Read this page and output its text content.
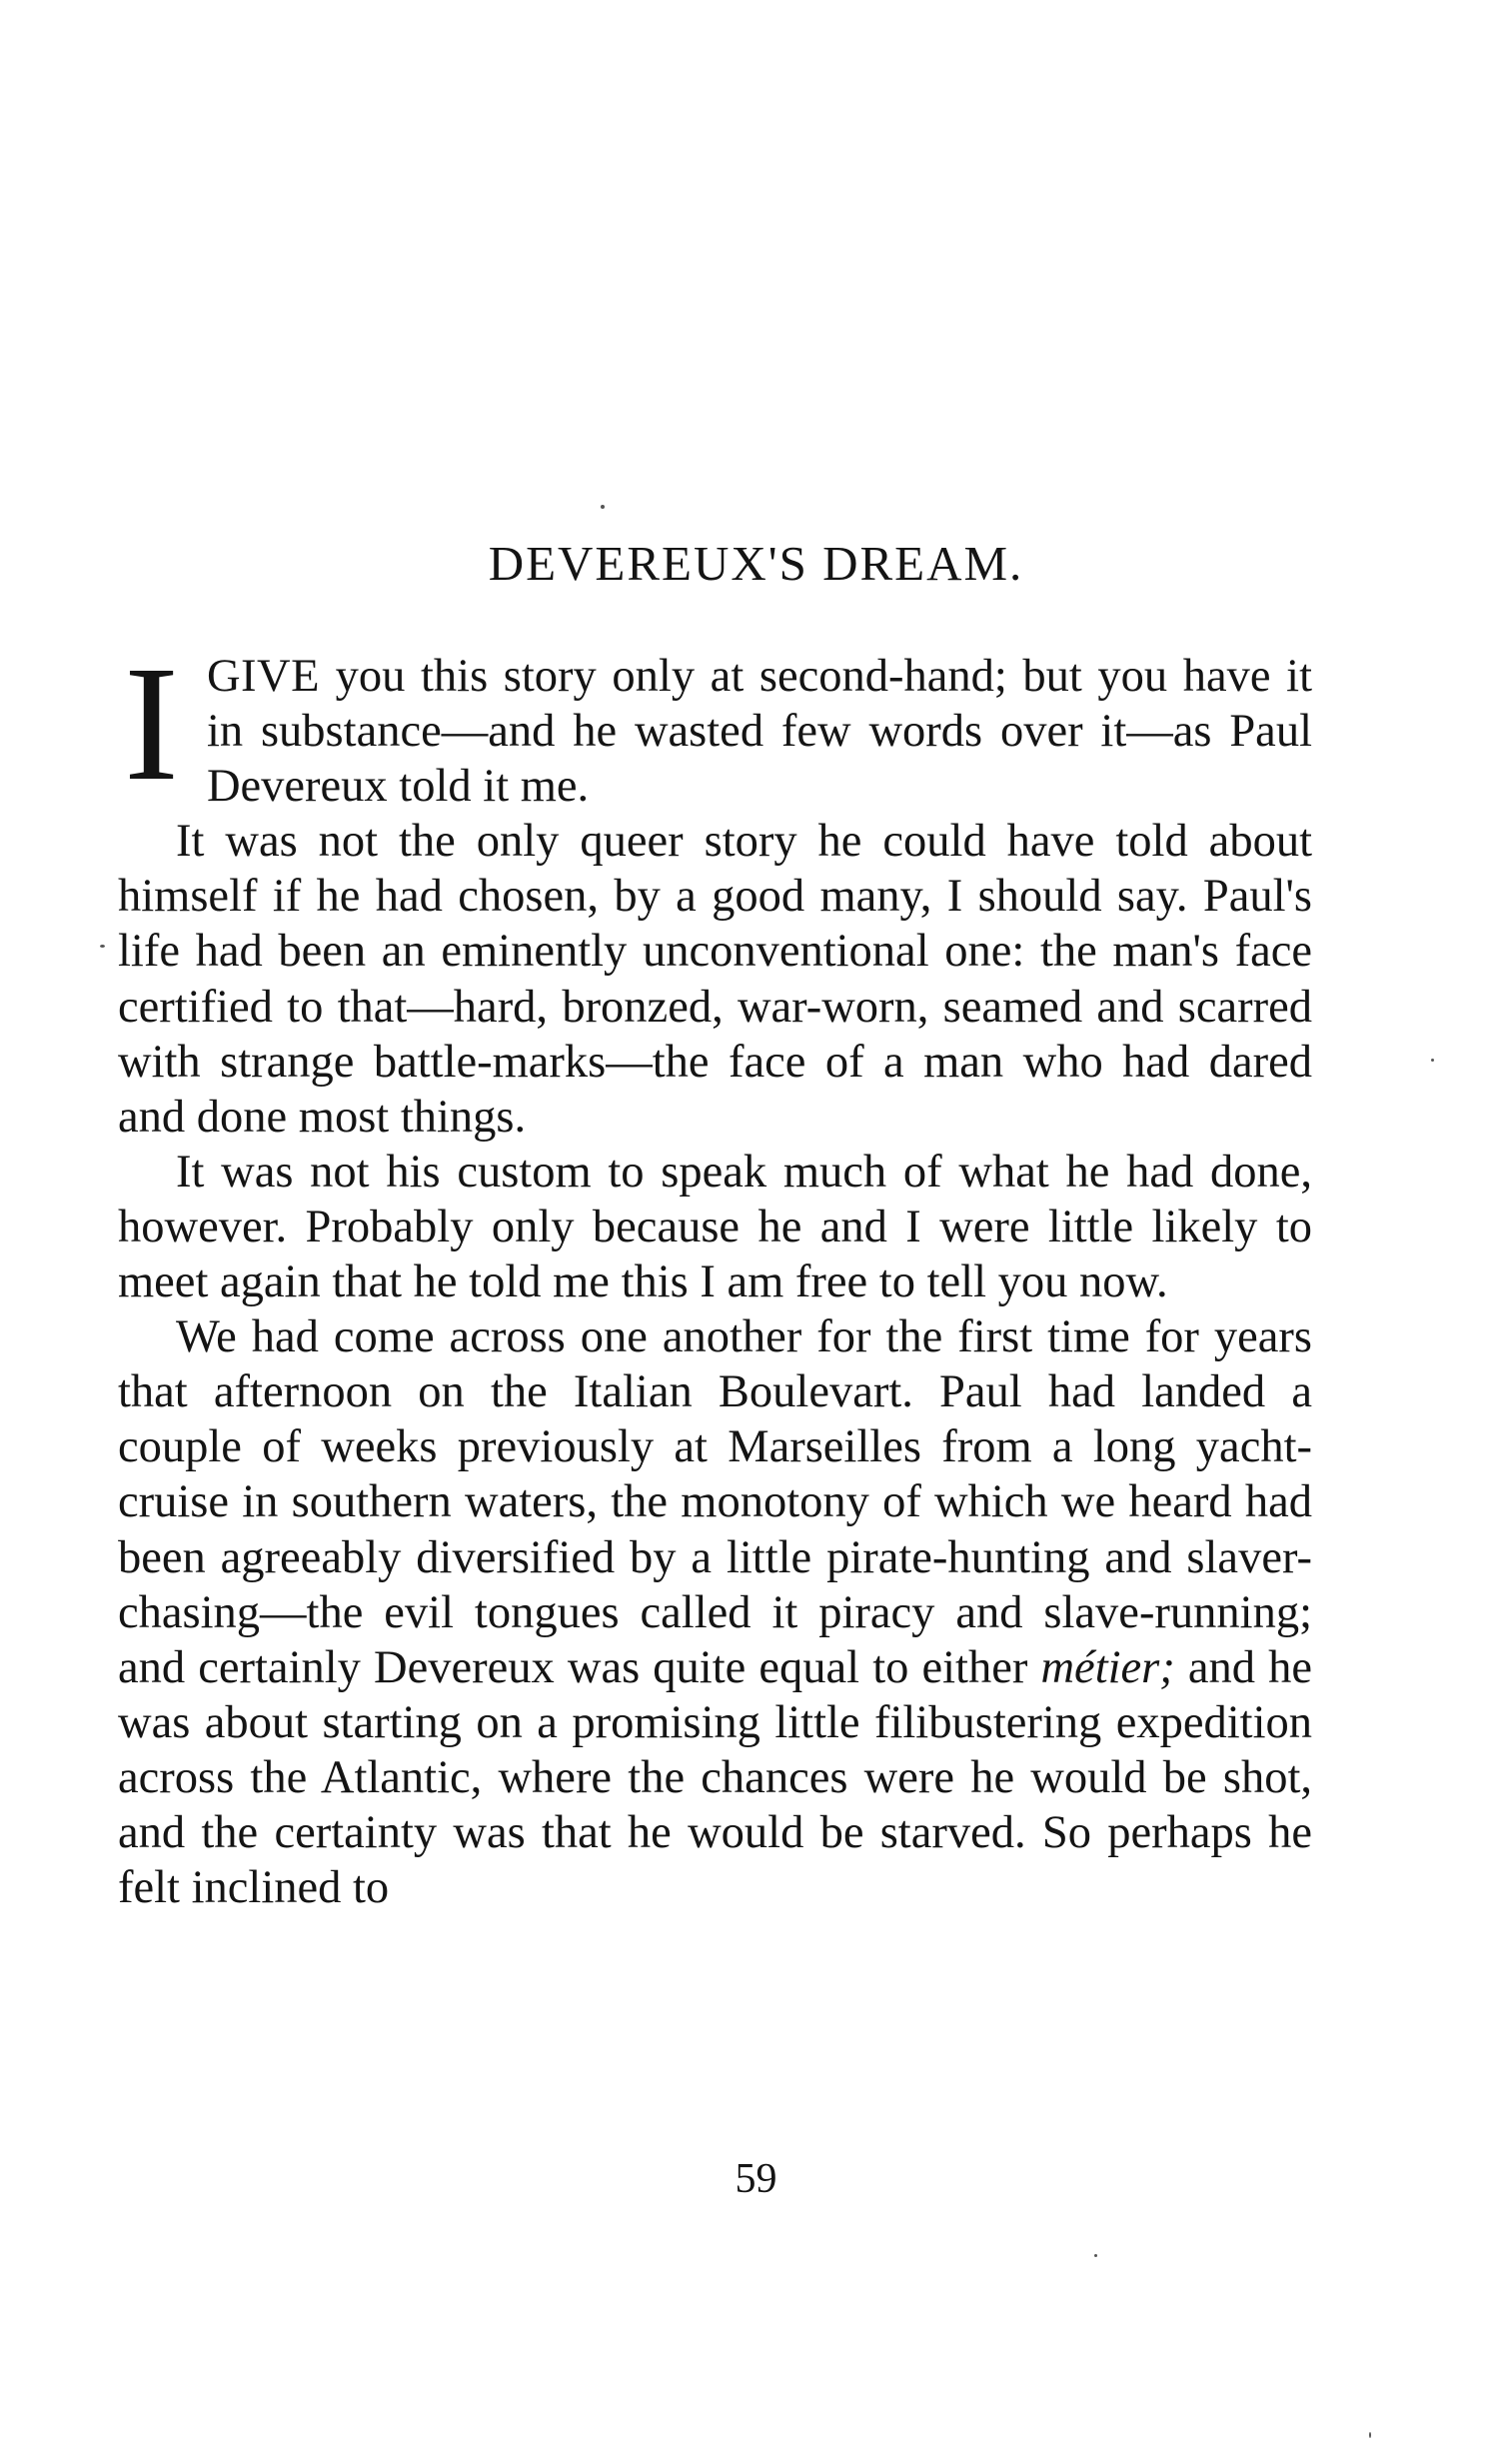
DEVEREUX'S DREAM.

IGIVE you this story only at second-hand; but you have it in substance—and he wasted few words over it—as Paul Devereux told it me.

It was not the only queer story he could have told about himself if he had chosen, by a good many, I should say. Paul's life had been an eminently unconventional one: the man's face certified to that—hard, bronzed, war-worn, seamed and scarred with strange battle-marks—the face of a man who had dared and done most things.

It was not his custom to speak much of what he had done, however. Probably only because he and I were little likely to meet again that he told me this I am free to tell you now.

We had come across one another for the first time for years that afternoon on the Italian Boulevart. Paul had landed a couple of weeks previously at Marseilles from a long yacht-cruise in southern waters, the monotony of which we heard had been agreeably diversified by a little pirate-hunting and slaver-chasing—the evil tongues called it piracy and slave-running; and certainly Devereux was quite equal to either métier; and he was about starting on a promising little filibustering expedition across the Atlantic, where the chances were he would be shot, and the certainty was that he would be starved. So perhaps he felt inclined to

59
